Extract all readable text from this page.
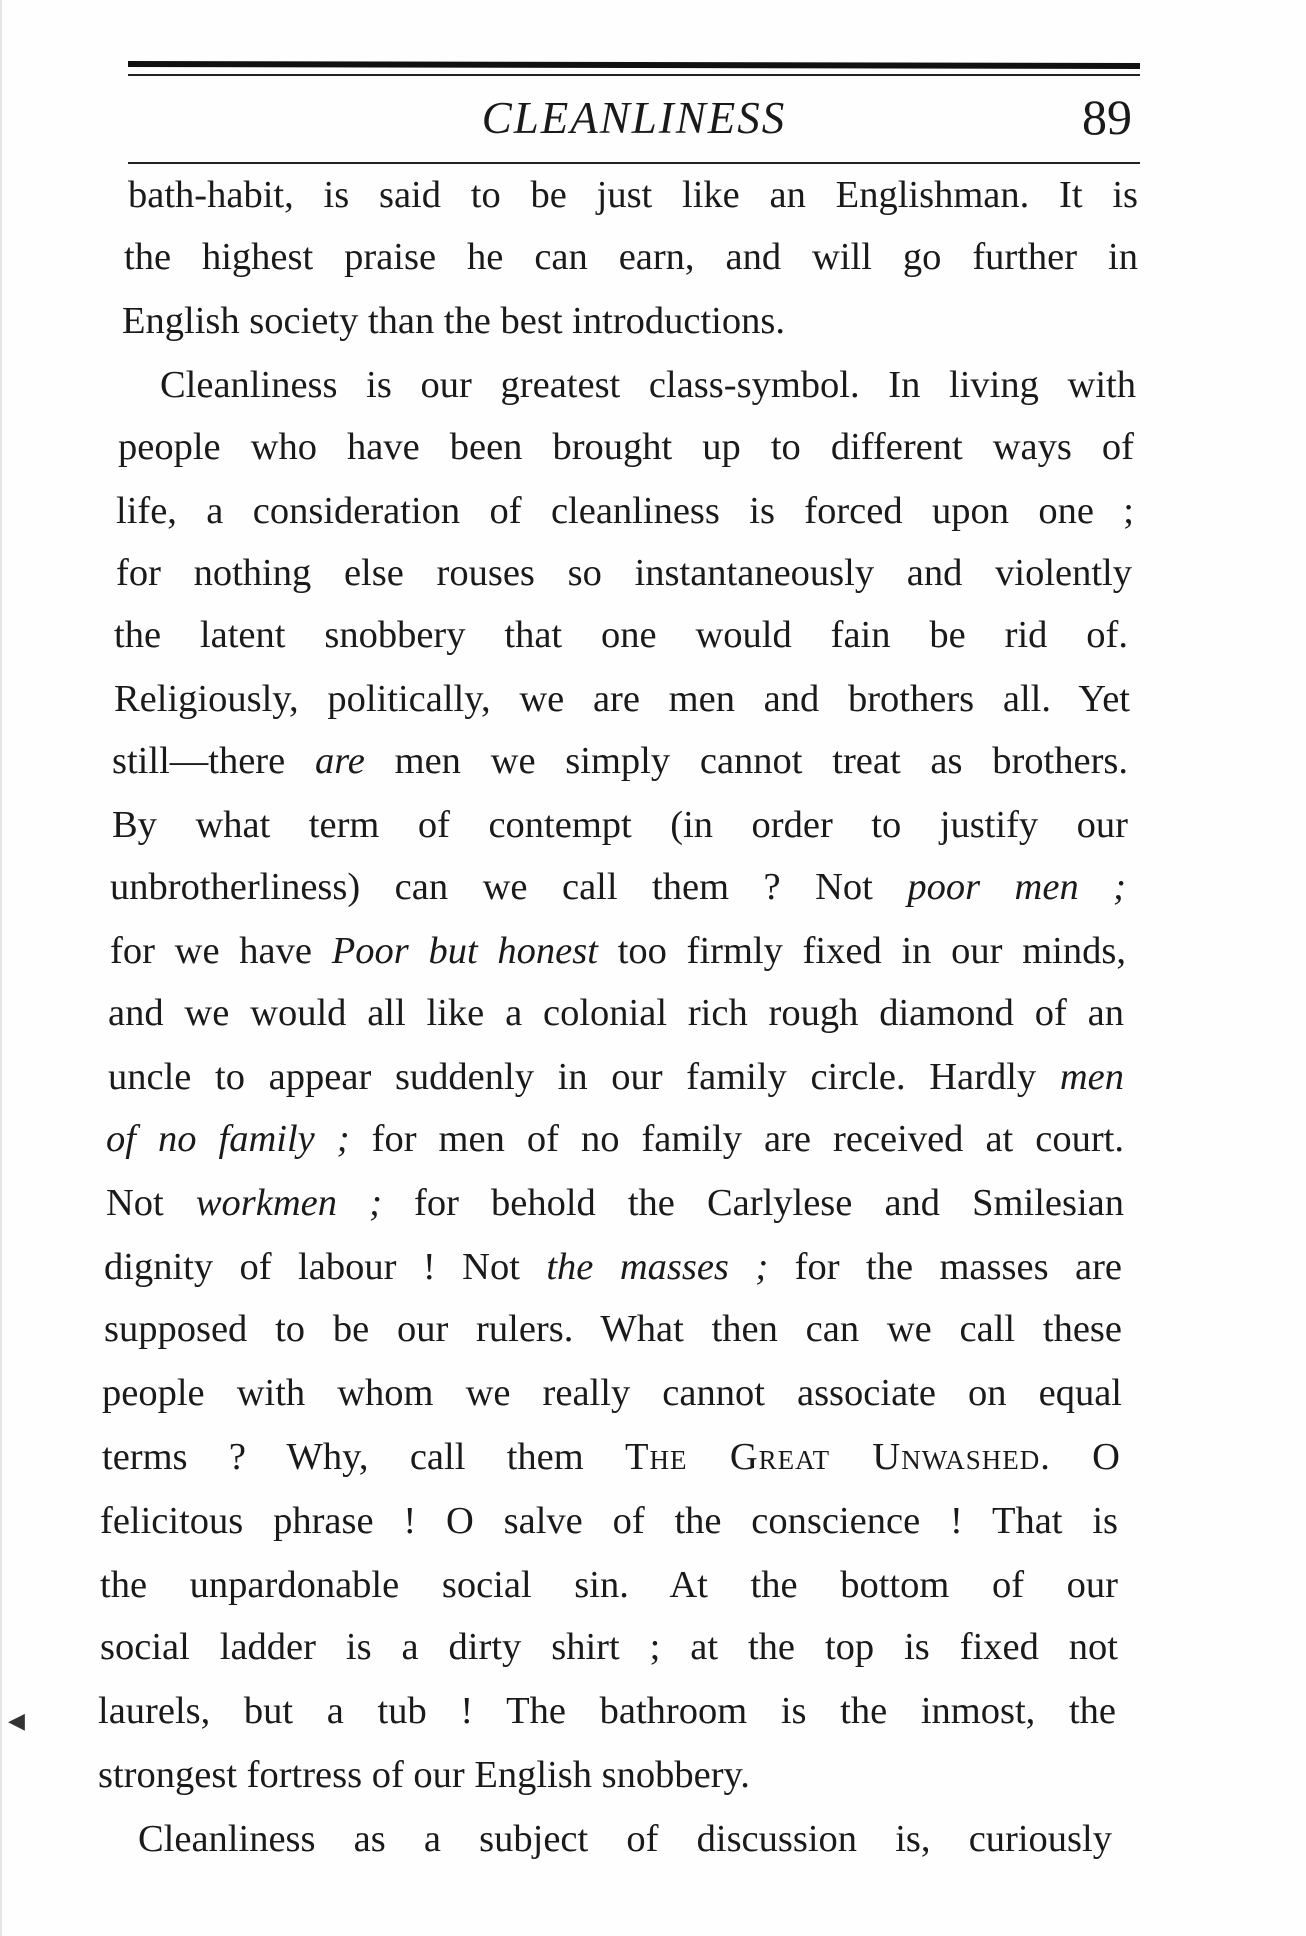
CLEANLINESS	89
bath-habit, is said to be just like an Englishman. It is
the highest praise he can earn, and will go further in
English society than the best introductions.
Cleanliness is our greatest class-symbol. In living with
people who have been brought up to different ways of
life, a consideration of cleanliness is forced upon one ;
for nothing else rouses so instantaneously and violently
the latent snobbery that one would fain be rid of.
Religiously, politically, we are men and brothers all. Yet
still—there are men we simply cannot treat as brothers.
By what term of contempt (in order to justify our
unbrotherliness) can we call them ? Not poor men ;
for we have Poor but honest too firmly fixed in our minds,
and we would all like a colonial rich rough diamond of an
uncle to appear suddenly in our family circle. Hardly men
of no family ; for men of no family are received at court.
Not workmen ; for behold the Carlylese and Smilesian
dignity of labour ! Not the masses ; for the masses are
supposed to be our rulers. What then can we call these
people with whom we really cannot associate on equal
terms ? Why, call them The Great Unwashed. O
felicitous phrase ! O salve of the conscience ! That is
the unpardonable social sin. At the bottom of our
social ladder is a dirty shirt ; at the top is fixed not
laurels, but a tub ! The bathroom is the inmost, the
strongest fortress of our English snobbery.
Cleanliness as a subject of discussion is, curiously
◀
